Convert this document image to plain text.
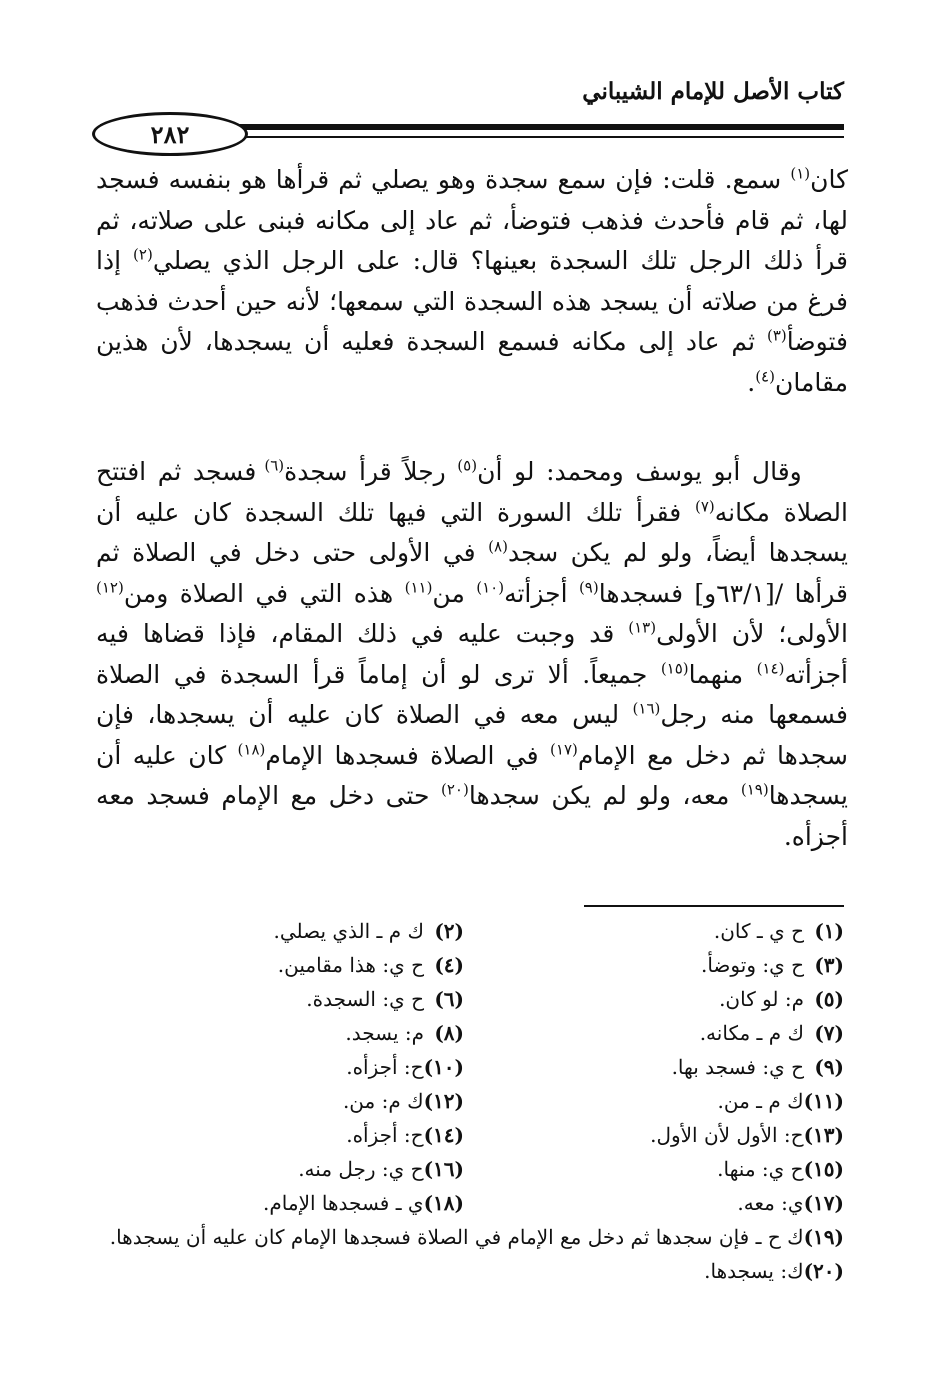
كتاب الأصل للإمام الشيباني
٢٨٢
كان$^{(١)}$ سمع. قلت: فإن سمع سجدة وهو يصلي ثم قرأها هو بنفسه فسجد لها، ثم قام فأحدث فذهب فتوضأ، ثم عاد إلى مكانه فبنى على صلاته، ثم قرأ ذلك الرجل تلك السجدة بعينها؟ قال: على الرجل الذي يصلي$^{(٢)}$ إذا فرغ من صلاته أن يسجد هذه السجدة التي سمعها؛ لأنه حين أحدث فذهب فتوضأ$^{(٣)}$ ثم عاد إلى مكانه فسمع السجدة فعليه أن يسجدها، لأن هذين مقامان$^{(٤)}$.
وقال أبو يوسف ومحمد: لو أن$^{(٥)}$ رجلاً قرأ سجدة$^{(٦)}$ فسجد ثم افتتح الصلاة مكانه$^{(٧)}$ فقرأ تلك السورة التي فيها تلك السجدة كان عليه أن يسجدها أيضاً، ولو لم يكن سجد$^{(٨)}$ في الأولى حتى دخل في الصلاة ثم قرأها /[٦٣/١و] فسجدها$^{(٩)}$ أجزأته$^{(١٠)}$ من$^{(١١)}$ هذه التي في الصلاة ومن$^{(١٢)}$ الأولى؛ لأن الأولى$^{(١٣)}$ قد وجبت عليه في ذلك المقام، فإذا قضاها فيه أجزأته$^{(١٤)}$ منهما$^{(١٥)}$ جميعاً. ألا ترى لو أن إماماً قرأ السجدة في الصلاة فسمعها منه رجل$^{(١٦)}$ ليس معه في الصلاة كان عليه أن يسجدها، فإن سجدها ثم دخل مع الإمام$^{(١٧)}$ في الصلاة فسجدها الإمام$^{(١٨)}$ كان عليه أن يسجدها$^{(١٩)}$ معه، ولو لم يكن سجدها$^{(٢٠)}$ حتى دخل مع الإمام فسجد معه أجزأه.
(١)ح ي ـ كان.
(٢)ك م ـ الذي يصلي.
(٣)ح ي: وتوضأ.
(٤)ح ي: هذا مقامين.
(٥)م: لو كان.
(٦)ح ي: السجدة.
(٧)ك م ـ مكانه.
(٨)م: يسجد.
(٩)ح ي: فسجد بها.
(١٠)ح: أجزأه.
(١١)ك م ـ من.
(١٢)ك م: من.
(١٣)ح: الأول لأن الأول.
(١٤)ح: أجزأه.
(١٥)ح ي: منها.
(١٦)ح ي: رجل منه.
(١٧)ي: معه.
(١٨)ي ـ فسجدها الإمام.
(١٩)ك ح ـ فإن سجدها ثم دخل مع الإمام في الصلاة فسجدها الإمام كان عليه أن يسجدها.
(٢٠)ك: يسجدها.
